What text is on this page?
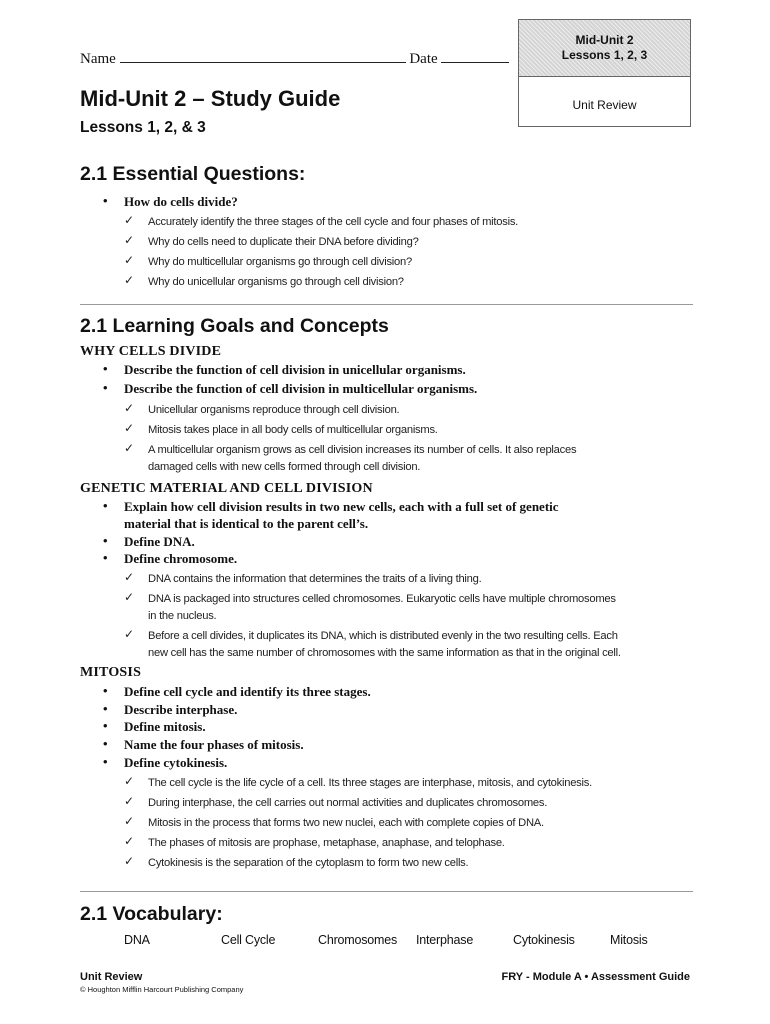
Name	Date
Mid-Unit 2
Lessons 1, 2, 3
Unit Review
Mid-Unit 2 – Study Guide
Lessons 1, 2, & 3
2.1 Essential Questions:
• How do cells divide?
✓ Accurately identify the three stages of the cell cycle and four phases of mitosis.
✓ Why do cells need to duplicate their DNA before dividing?
✓ Why do multicellular organisms go through cell division?
✓ Why do unicellular organisms go through cell division?
2.1 Learning Goals and Concepts
WHY CELLS DIVIDE
• Describe the function of cell division in unicellular organisms.
• Describe the function of cell division in multicellular organisms.
✓ Unicellular organisms reproduce through cell division.
✓ Mitosis takes place in all body cells of multicellular organisms.
✓ A multicellular organism grows as cell division increases its number of cells. It also replaces
damaged cells with new cells formed through cell division.
GENETIC MATERIAL AND CELL DIVISION
• Explain how cell division results in two new cells, each with a full set of genetic
material that is identical to the parent cell’s.
• Define DNA.
• Define chromosome.
✓ DNA contains the information that determines the traits of a living thing.
✓ DNA is packaged into structures celled chromosomes. Eukaryotic cells have multiple chromosomes
in the nucleus.
✓ Before a cell divides, it duplicates its DNA, which is distributed evenly in the two resulting cells. Each
new cell has the same number of chromosomes with the same information as that in the original cell.
MITOSIS
• Define cell cycle and identify its three stages.
• Describe interphase.
• Define mitosis.
• Name the four phases of mitosis.
• Define cytokinesis.
✓ The cell cycle is the life cycle of a cell. Its three stages are interphase, mitosis, and cytokinesis.
✓ During interphase, the cell carries out normal activities and duplicates chromosomes.
✓ Mitosis in the process that forms two new nuclei, each with complete copies of DNA.
✓ The phases of mitosis are prophase, metaphase, anaphase, and telophase.
✓ Cytokinesis is the separation of the cytoplasm to form two new cells.
2.1 Vocabulary:
DNA	Cell Cycle	Chromosomes Interphase	Cytokinesis	Mitosis
Unit Review
© Houghton Mifflin Harcourt Publishing Company
FRY - Module A • Assessment Guide
